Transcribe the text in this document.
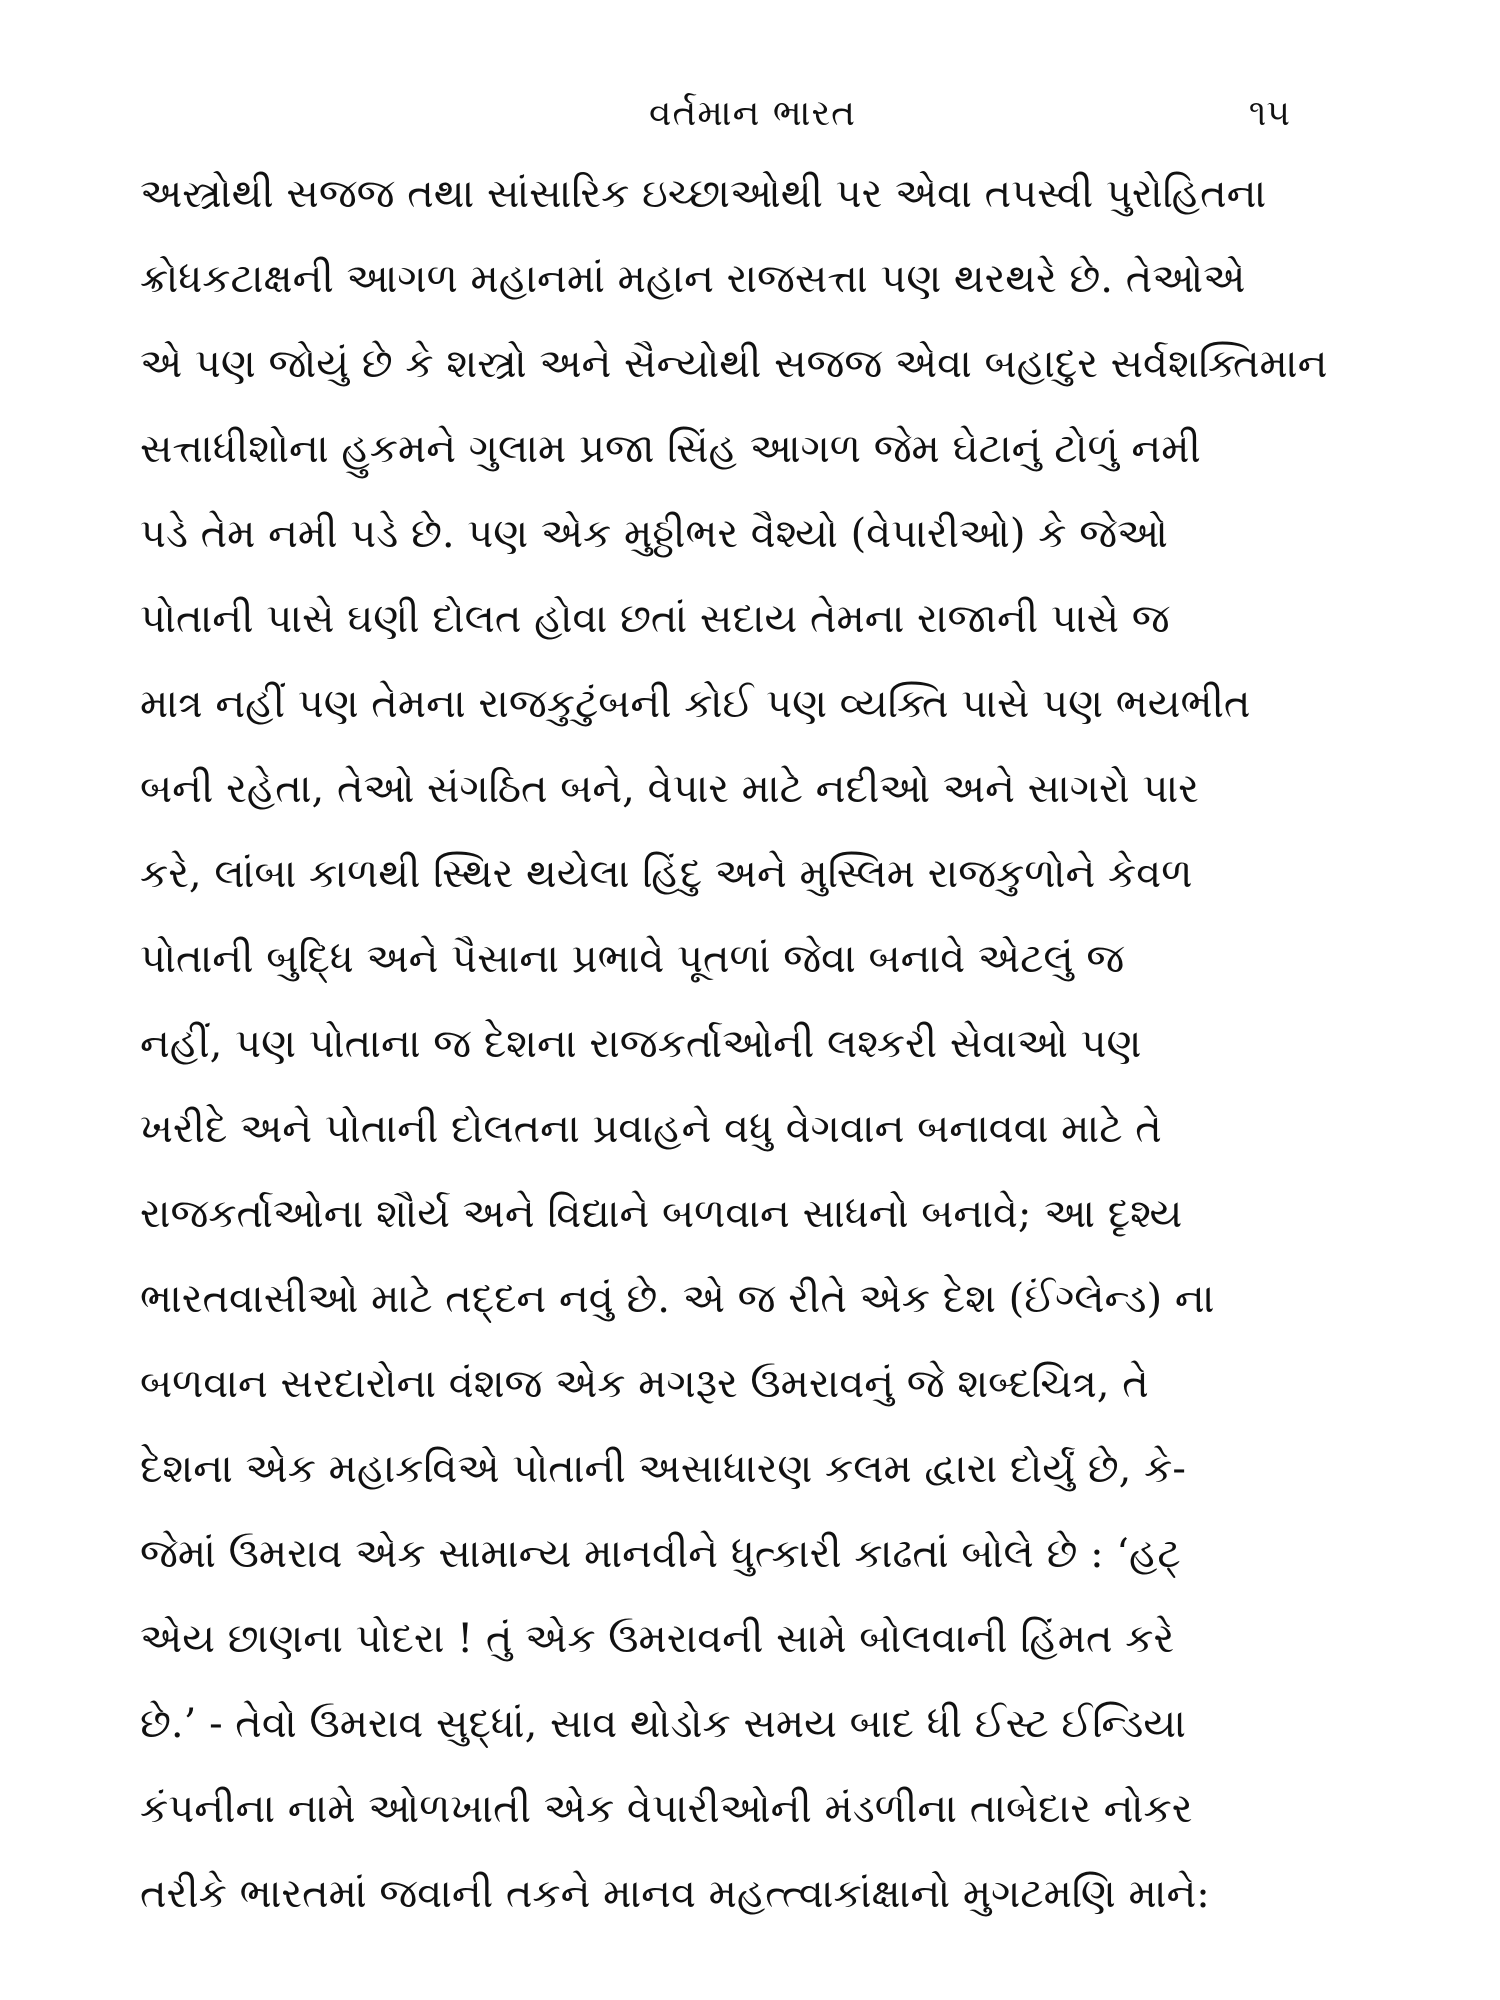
વર્તમાન ભારત	૧૫
અસ્ત્રોથી સજજ તથા સાંસારિક ઇચ્છાઓથી પર એવા તપસ્વી પુરોહિતના
ક્રોધકટાક્ષની આગળ મહાનમાં મહાન રાજસત્તા પણ થરથરે છે. તેઓએ
એ પણ જોયું છે કે શસ્ત્રો અને સૈન્યોથી સજજ એવા બહાદુર સર્વશક્તિમાન
સત્તાધીશોના હુકમને ગુલામ પ્રજા સિંહ આગળ જેમ ઘેટાનું ટોળું નમી
પડે તેમ નમી પડે છે. પણ એક મુઠ્ઠીભર વૈશ્યો (વેપારીઓ) કે જેઓ
પોતાની પાસે ઘણી દોલત હોવા છતાં સદાય તેમના રાજાની પાસે જ
માત્ર નહીં પણ તેમના રાજકુટુંબની કોઈ પણ વ્યક્તિ પાસે પણ ભયભીત
બની રહેતા, તેઓ સંગઠિત બને, વેપાર માટે નદીઓ અને સાગરો પાર
કરે, લાંબા કાળથી સ્થિર થયેલા હિંદુ અને મુસ્લિમ રાજકુળોને કેવળ
પોતાની બુદ્ધિ અને પૈસાના પ્રભાવે પૂતળાં જેવા બનાવે એટલું જ
નહીં, પણ પોતાના જ દેશના રાજકર્તાઓની લશ્કરી સેવાઓ પણ
ખરીદે અને પોતાની દોલતના પ્રવાહને વધુ વેગવાન બનાવવા માટે તે
રાજકર્તાઓના શૌર્ય અને વિદ્યાને બળવાન સાધનો બનાવે; આ દૃશ્ય
ભારતવાસીઓ માટે તદ્દન નવું છે. એ જ રીતે એક દેશ (ઈંગ્લેન્ડ) ના
બળવાન સરદારોના વંશજ એક મગરૂર ઉમરાવનું જે શબ્દચિત્ર, તે
દેશના એક મહાકવિએ પોતાની અસાધારણ કલમ દ્વારા દોર્યું છે, કે-
જેમાં ઉમરાવ એક સામાન્ય માનવીને ધુત્કારી કાઢતાં બોલે છે : ‘હટ્
એય છાણના પોદરા ! તું એક ઉમરાવની સામે બોલવાની હિંમત કરે
છે.’ - તેવો ઉમરાવ સુદ્ધાં, સાવ થોડોક સમય બાદ ધી ઈસ્ટ ઈન્ડિયા
કંપનીના નામે ઓળખાતી એક વેપારીઓની મંડળીના તાબેદાર નોકર
તરીકે ભારતમાં જવાની તકને માનવ મહત્ત્વાકાંક્ષાનો મુગટમણિ માને:
